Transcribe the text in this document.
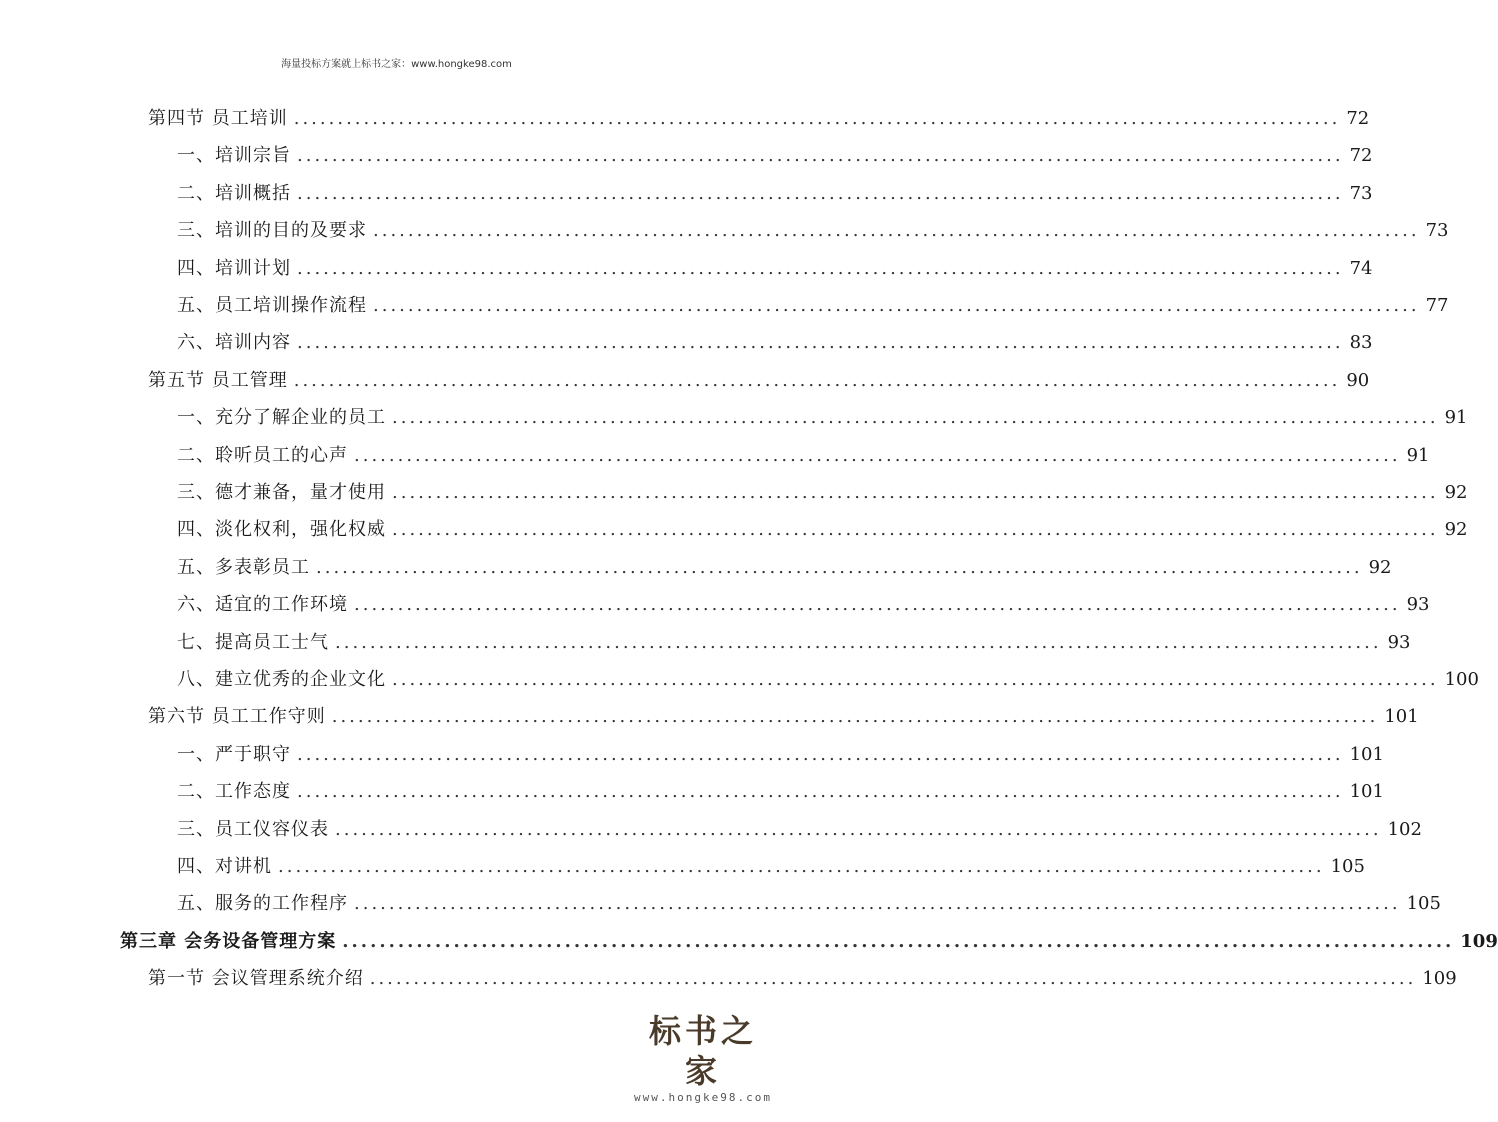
海量投标方案就上标书之家：www.hongke98.com
第四节 员工培训 ........................................................................................................................ 72
一、培训宗旨 ........................................................................................................................ 72
二、培训概括 ........................................................................................................................ 73
三、培训的目的及要求 ........................................................................................................................ 73
四、培训计划 ........................................................................................................................ 74
五、员工培训操作流程 ........................................................................................................................ 77
六、培训内容 ........................................................................................................................ 83
第五节 员工管理 ........................................................................................................................ 90
一、充分了解企业的员工 ........................................................................................................................ 91
二、聆听员工的心声 ........................................................................................................................ 91
三、德才兼备，量才使用 ........................................................................................................................ 92
四、淡化权利，强化权威 ........................................................................................................................ 92
五、多表彰员工 ........................................................................................................................ 92
六、适宜的工作环境 ........................................................................................................................ 93
七、提高员工士气 ........................................................................................................................ 93
八、建立优秀的企业文化 ........................................................................................................................ 100
第六节 员工工作守则 ........................................................................................................................ 101
一、严于职守 ........................................................................................................................ 101
二、工作态度 ........................................................................................................................ 101
三、员工仪容仪表 ........................................................................................................................ 102
四、对讲机 ........................................................................................................................ 105
五、服务的工作程序 ........................................................................................................................ 105
第三章 会务设备管理方案 ........................................................................................................................ 109
第一节 会议管理系统介绍 ........................................................................................................................ 109
标书之家
www.hongke98.com
